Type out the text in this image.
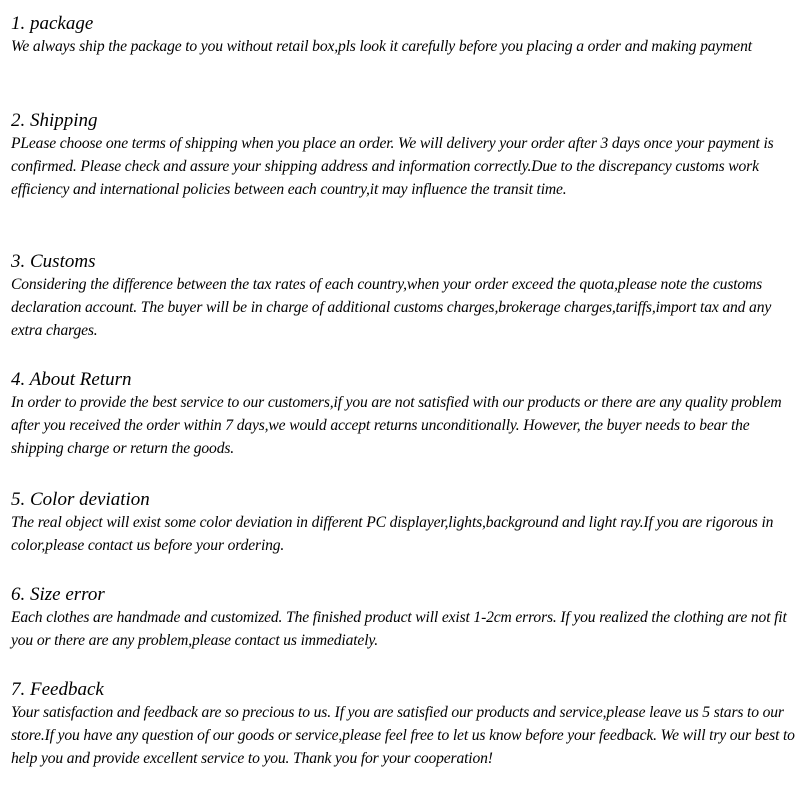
1. package

We always ship the package to you without retail box,pls look it carefully before you placing a order and making payment

2. Shipping

PLease choose one terms of shipping when you place an order. We will delivery your order after 3 days once your payment is confirmed. Please check and assure your shipping address and information correctly.Due to the discrepancy customs work efficiency and international policies between each country,it may influence the transit time.

3. Customs

Considering the difference between the tax rates of each country,when your order exceed the quota,please note the customs declaration account. The buyer will be in charge of additional customs charges,brokerage charges,tariffs,import tax and any extra charges.

4. About Return

In order to provide the best service to our customers,if you are not satisfied with our products or there are any quality problem after you received the order within 7 days,we would accept returns unconditionally. However, the buyer needs to bear the shipping charge or return the goods.

5. Color deviation

The real object will exist some color deviation in different PC displayer,lights,background and light ray.If you are rigorous in color,please contact us before your ordering.

6. Size error

Each clothes are handmade and customized. The finished product will exist 1-2cm errors. If you realized the clothing are not fit you or there are any problem,please contact us immediately.

7. Feedback

Your satisfaction and feedback are so precious to us. If you are satisfied our products and service,please leave us 5 stars to our store.If you have any question of our goods or service,please feel free to let us know before your feedback. We will try our best to help you and provide excellent service to you. Thank you for your cooperation!
